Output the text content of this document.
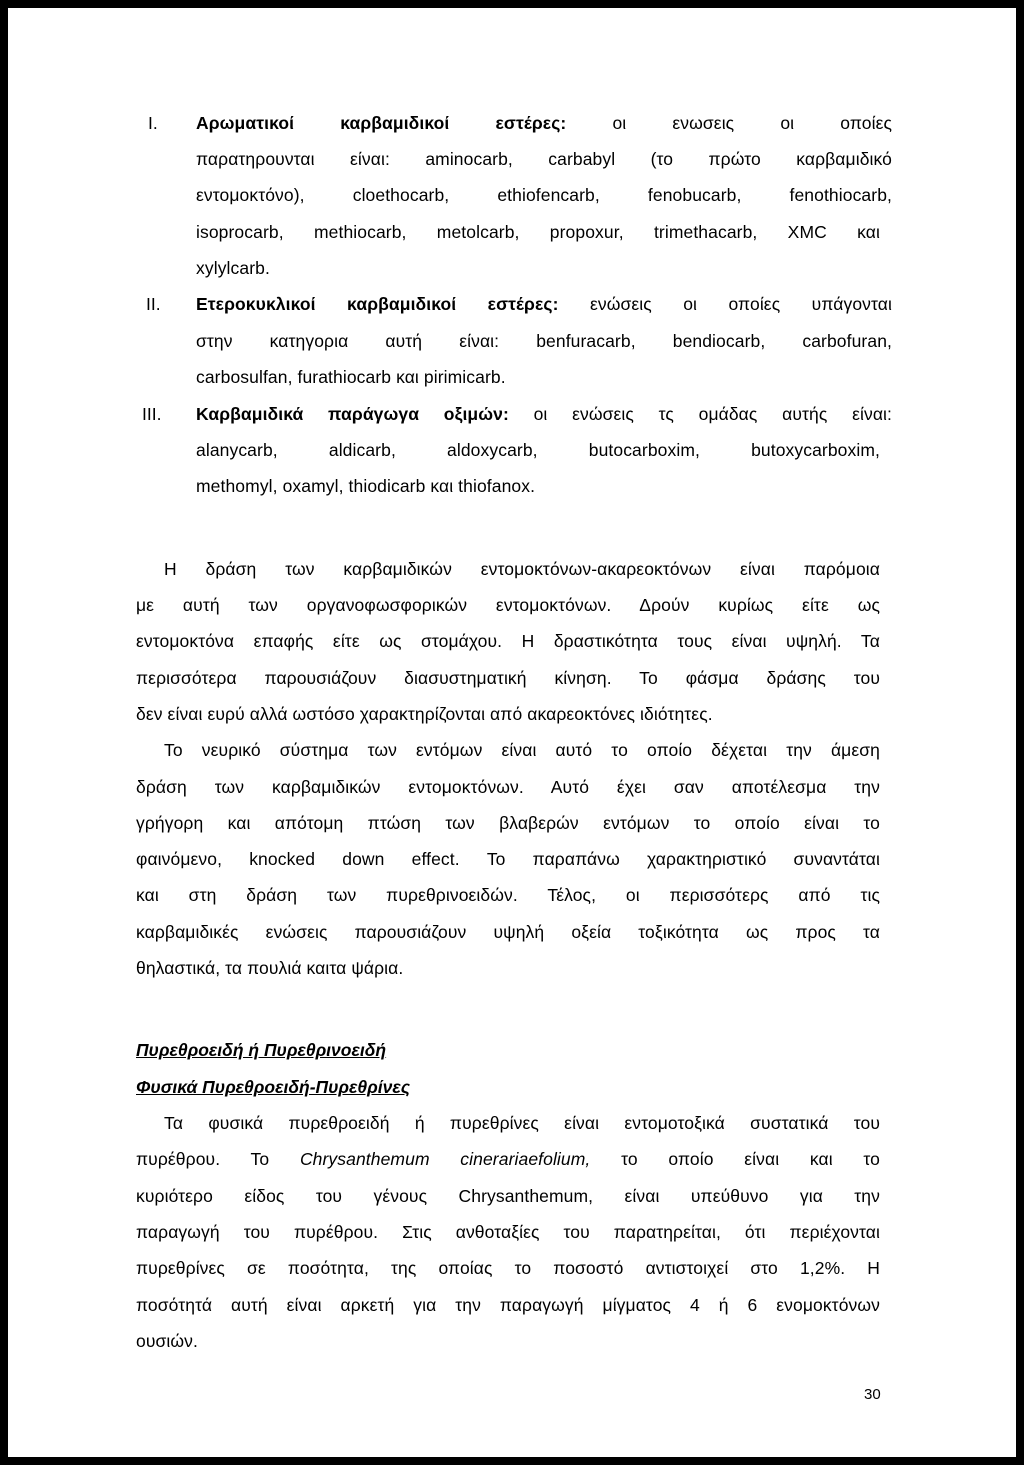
I. Αρωματικοί καρβαμιδικοί εστέρες:	οι ενωσεις οι οποίες
παρατηρουνται είναι: aminocarb, carbabyl (το πρώτο καρβαμιδικό
εντομοκτόνο), cloethocarb, ethiofencarb, fenobucarb, fenothiocarb,
isoprocarb, methiocarb, metolcarb, propoxur, trimethacarb, XMC και
xylylcarb.
II. Ετεροκυκλικοί καρβαμιδικοί εστέρες: ενώσεις οι οποίες υπάγονται
στην κατηγορια αυτή είναι: benfuracarb, bendiocarb, carbofuran,
carbosulfan, furathiocarb και pirimicarb.
III. Καρβαμιδικά παράγωγα οξιμών: οι ενώσεις τς ομάδας αυτής είναι:
alanycarb, aldicarb, aldoxycarb, butocarboxim, butoxycarboxim,
methomyl, oxamyl, thiodicarb και thiofanox.
Η δράση των καρβαμιδικών εντομοκτόνων-ακαρεοκτόνων είναι παρόμοια
με αυτή των οργανοφωσφορικών εντομοκτόνων. Δρούν κυρίως είτε ως
εντομοκτόνα επαφής είτε ως στομάχου. Η δραστικότητα τους είναι υψηλή. Τα
περισσότερα παρουσιάζουν διασυστηματική κίνηση. Το φάσμα δράσης του
δεν είναι ευρύ αλλά ωστόσο χαρακτηρίζονται από ακαρεοκτόνες ιδιότητες.
Το νευρικό σύστημα των εντόμων είναι αυτό το οποίο δέχεται την άμεση
δράση των καρβαμιδικών εντομοκτόνων. Αυτό έχει σαν αποτέλεσμα την
γρήγορη και απότομη πτώση των βλαβερών εντόμων το οποίο είναι το
φαινόμενο, knocked down effect. Το παραπάνω χαρακτηριστικό συναντάται
και στη δράση των πυρεθρινοειδών. Τέλος, οι περισσότερς από τις
καρβαμιδικές ενώσεις παρουσιάζουν υψηλή οξεία τοξικότητα ως προς τα
θηλαστικά, τα πουλιά καιτα ψάρια.
Πυρεθροειδή ή Πυρεθρινοειδή
Φυσικά Πυρεθροειδή-Πυρεθρίνες
Τα φυσικά πυρεθροειδή ή πυρεθρίνες είναι εντομοτοξικά συστατικά του
πυρέθρου. Το Chrysanthemum cinerariaefolium, το οποίο είναι και το
κυριότερο είδος του γένους Chrysanthemum, είναι υπεύθυνο για την
παραγωγή του πυρέθρου. Στις ανθοταξίες του παρατηρείται, ότι περιέχονται
πυρεθρίνες σε ποσότητα, της οποίας το ποσοστό αντιστοιχεί στο 1,2%. Η
ποσότητά αυτή είναι αρκετή για την παραγωγή μίγματος 4 ή 6 ενομοκτόνων
ουσιών.
30
